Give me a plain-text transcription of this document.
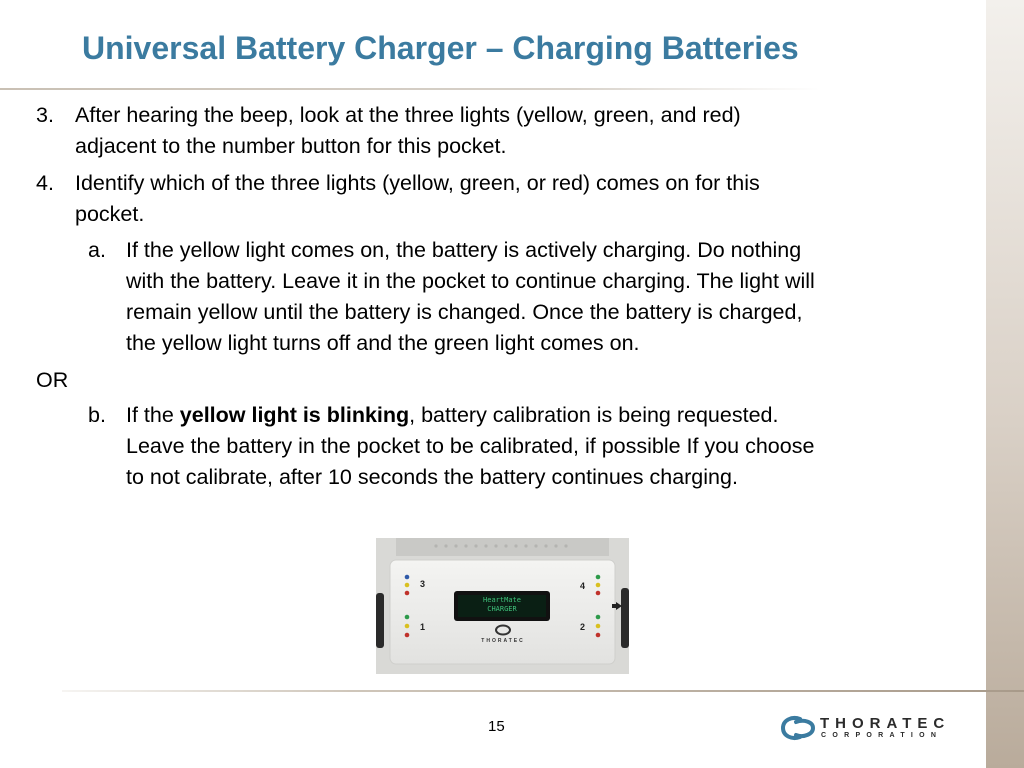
Universal Battery Charger – Charging Batteries
3. After hearing the beep, look at the three lights (yellow, green, and red)
adjacent to the number button for this pocket.
4. Identify which of the three lights (yellow, green, or red) comes on for this
pocket.
a. If the yellow light comes on, the battery is actively charging. Do nothing
with the battery. Leave it in the pocket to continue charging. The light will
remain yellow until the battery is changed. Once the battery is charged,
the yellow light turns off and the green light comes on.
OR
b. If the yellow light is blinking, battery calibration is being requested.
Leave the battery in the pocket to be calibrated, if possible If you choose
to not calibrate, after 10 seconds the battery continues charging.
3	4
1	2
HeartMate
CHARGER
THORATEC
15	THORATEC
CORPORATION
